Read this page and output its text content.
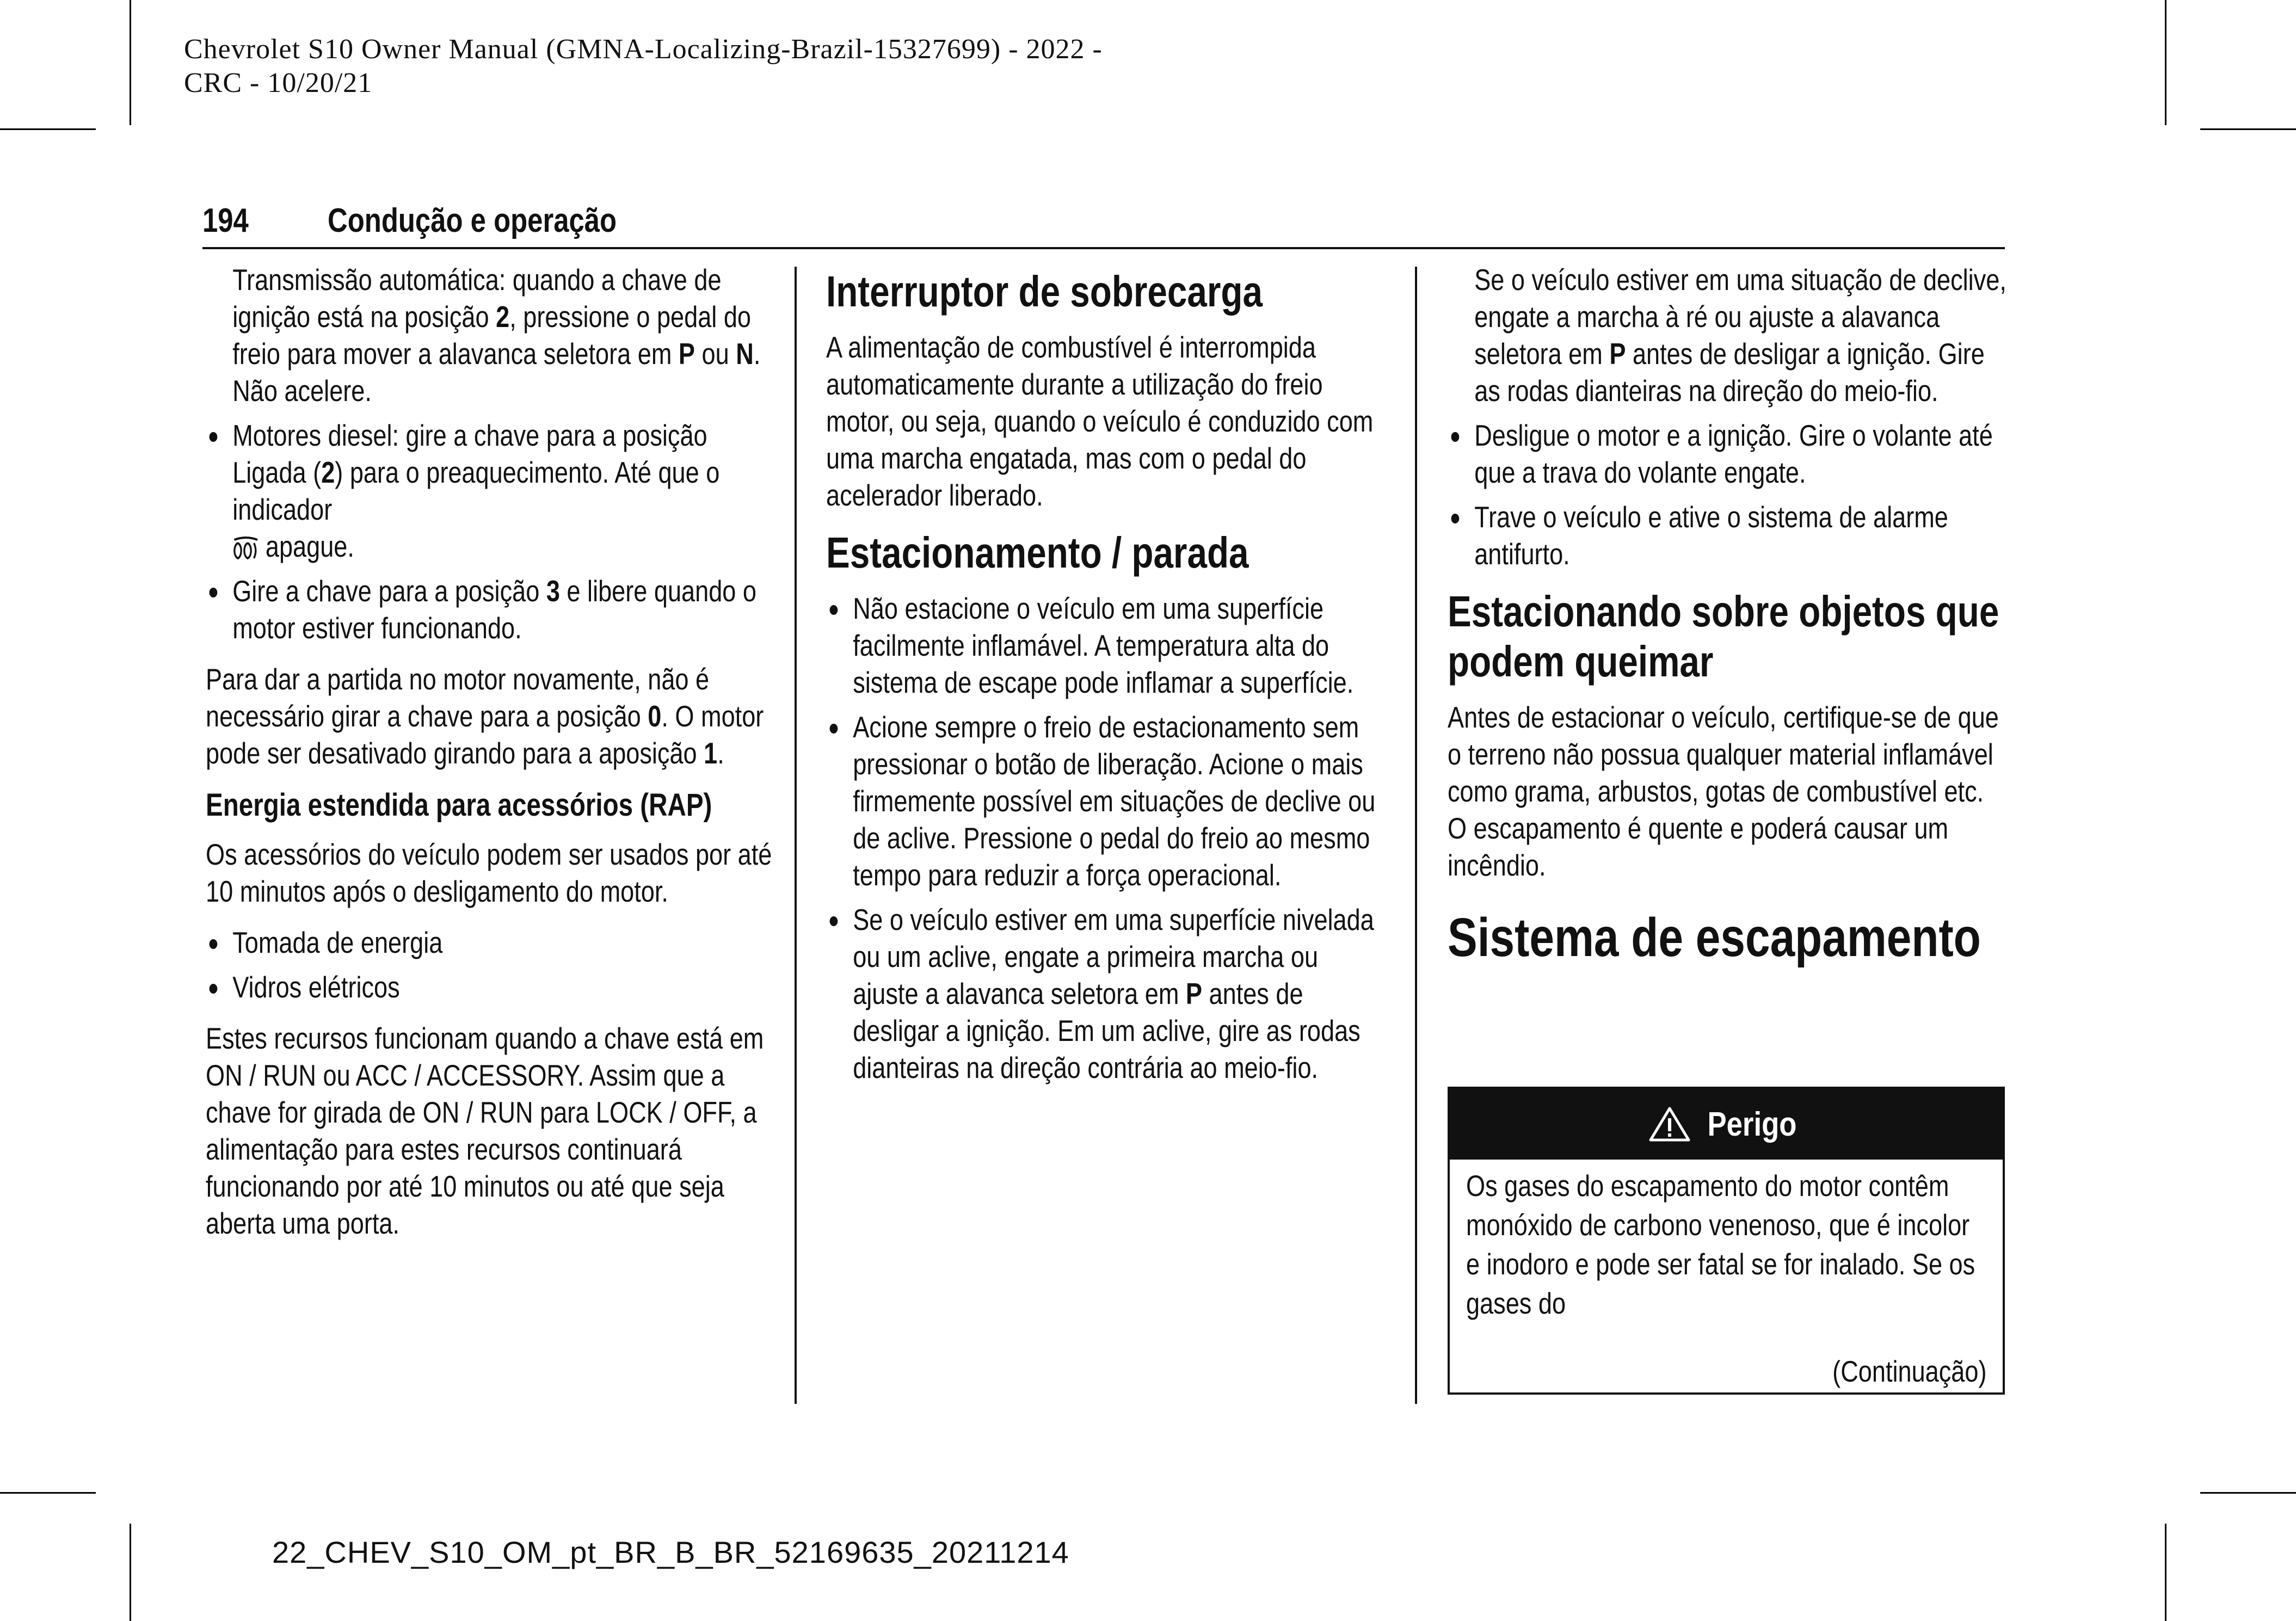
Chevrolet S10 Owner Manual (GMNA-Localizing-Brazil-15327699) - 2022 -
CRC - 10/20/21
194 Condução e operação

Transmissão automática: quando a chave de ignição está na posição 2, pressione o pedal do freio para mover a alavanca seletora em P ou N. Não acelere.

Motores diesel: gire a chave para a posição Ligada (2) para o preaquecimento. Até que o indicador
apague.

Gire a chave para a posição 3 e libere quando o motor estiver funcionando.

Para dar a partida no motor novamente, não é necessário girar a chave para a posição 0. O motor pode ser desativado girando para a aposição 1.

Energia estendida para acessórios (RAP)

Os acessórios do veículo podem ser usados por até 10 minutos após o desligamento do motor.

Tomada de energia

Vidros elétricos

Estes recursos funcionam quando a chave está em ON / RUN ou ACC / ACCESSORY. Assim que a chave for girada de ON / RUN para LOCK / OFF, a alimentação para estes recursos continuará funcionando por até 10 minutos ou até que seja aberta uma porta.

Interruptor de sobrecarga

A alimentação de combustível é interrompida automaticamente durante a utilização do freio motor, ou seja, quando o veículo é conduzido com uma marcha engatada, mas com o pedal do acelerador liberado.

Estacionamento / parada

Não estacione o veículo em uma superfície facilmente inflamável. A temperatura alta do sistema de escape pode inflamar a superfície.

Acione sempre o freio de estacionamento sem pressionar o botão de liberação. Acione o mais firmemente possível em situações de declive ou de aclive. Pressione o pedal do freio ao mesmo tempo para reduzir a força operacional.

Se o veículo estiver em uma superfície nivelada ou um aclive, engate a primeira marcha ou ajuste a alavanca seletora em P antes de desligar a ignição. Em um aclive, gire as rodas dianteiras na direção contrária ao meio-fio.

Se o veículo estiver em uma situação de declive, engate a marcha à ré ou ajuste a alavanca seletora em P antes de desligar a ignição. Gire as rodas dianteiras na direção do meio-fio.

Desligue o motor e a ignição. Gire o volante até que a trava do volante engate.

Trave o veículo e ative o sistema de alarme antifurto.

Estacionando sobre objetos que podem queimar

Antes de estacionar o veículo, certifique-se de que o terreno não possua qualquer material inflamável como grama, arbustos, gotas de combustível etc. O escapamento é quente e poderá causar um incêndio.

Sistema de escapamento

Perigo

Os gases do escapamento do motor contêm monóxido de carbono venenoso, que é incolor e inodoro e pode ser fatal se for inalado. Se os gases do

(Continuação)
22_CHEV_S10_OM_pt_BR_B_BR_52169635_20211214
